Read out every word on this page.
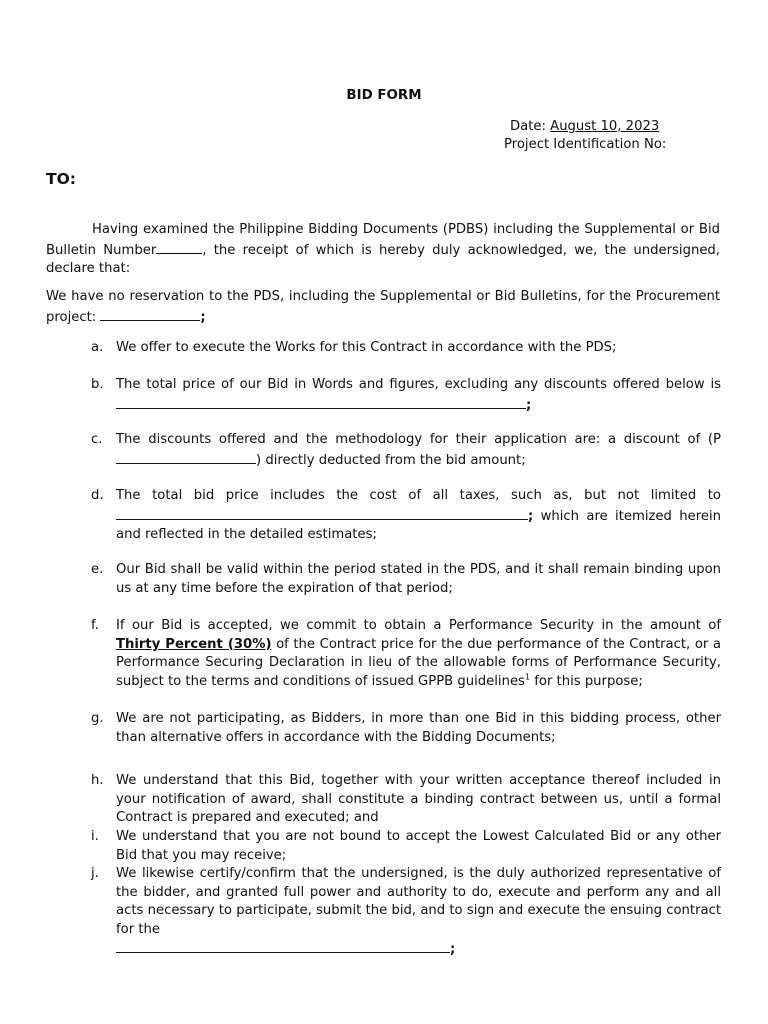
BID FORM
Date: August 10, 2023
Project Identification No:
TO:
Having examined the Philippine Bidding Documents (PDBS) including the Supplemental or Bid Bulletin Number	, the receipt of which is hereby duly acknowledged, we, the undersigned, declare that:
We have no reservation to the PDS, including the Supplemental or Bid Bulletins, for the Procurement project:	;
a. We offer to execute the Works for this Contract in accordance with the PDS;
b. The total price of our Bid in Words and figures, excluding any discounts offered below is;
c.	The discounts offered and the methodology for their application are: a discount of (P) directly deducted from the bid amount;
d. The total bid price includes the cost of all taxes, such as, but not limited to; which are itemized herein and reflected in the detailed estimates;
e. Our Bid shall be valid within the period stated in the PDS, and it shall remain binding upon us at any time before the expiration of that period;
f.	If our Bid is accepted, we commit to obtain a Performance Security in the amount of Thirty Percent (30%) of the Contract price for the due performance of the Contract, or a Performance Securing Declaration in lieu of the allowable forms of Performance Security, subject to the terms and conditions of issued GPPB guidelines$^1$ for this purpose;
g. We are not participating, as Bidders, in more than one Bid in this bidding process, other than alternative offers in accordance with the Bidding Documents;
h. We understand that this Bid, together with your written acceptance thereof included in your notification of award, shall constitute a binding contract between us, until a formal Contract is prepared and executed; and
i.	We understand that you are not bound to accept the Lowest Calculated Bid or any other Bid that you may receive;
j.	We likewise certify/confirm that the undersigned, is the duly authorized representative of the bidder, and granted full power and authority to do, execute and perform any and all acts necessary to participate, submit the bid, and to sign and execute the ensuing contract for the
;
